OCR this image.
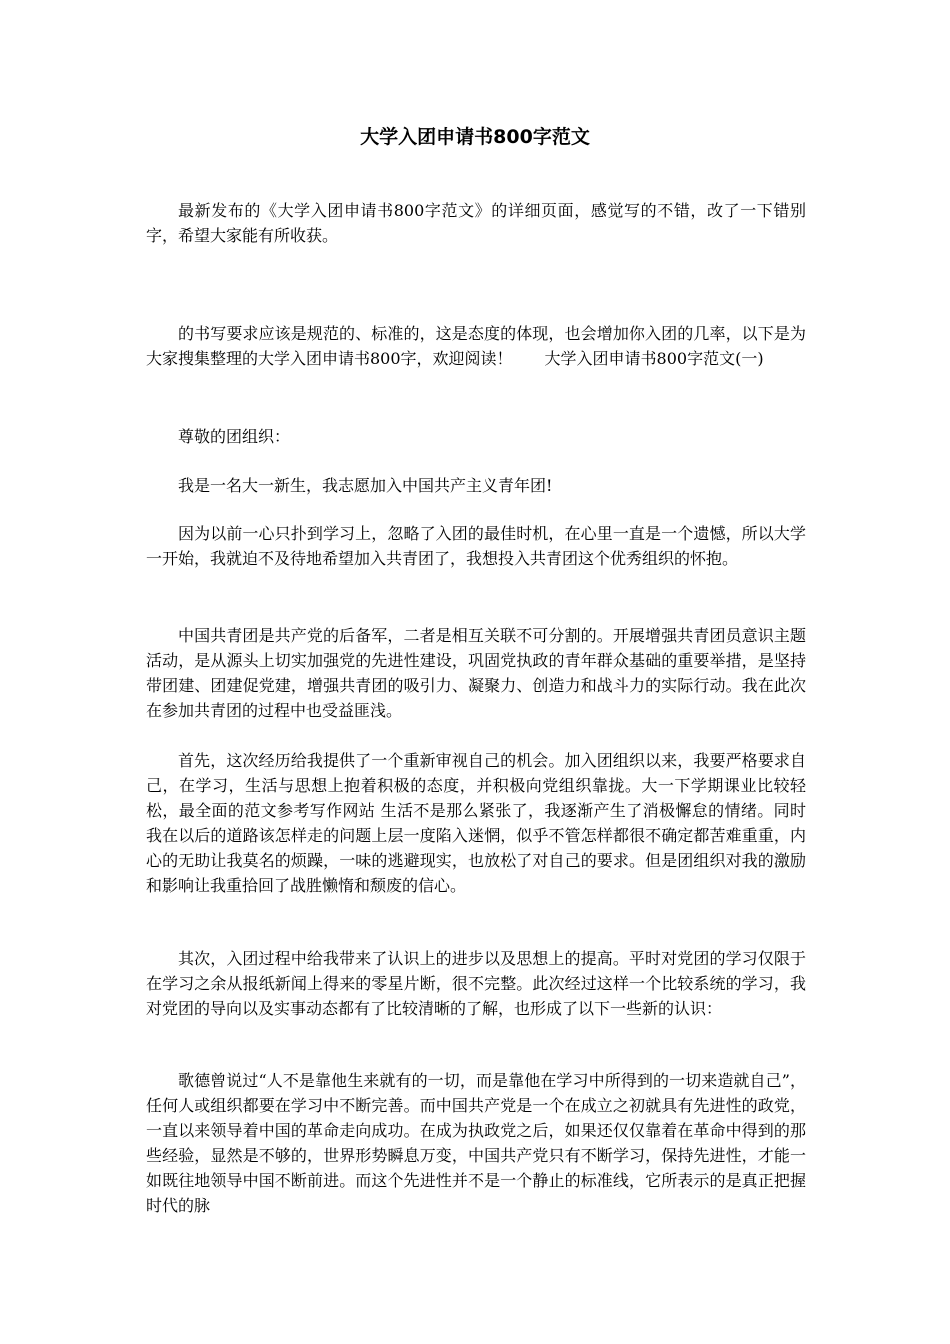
大学入团申请书800字范文

最新发布的《大学入团申请书800字范文》的详细页面，感觉写的不错，改了一下错别字，希望大家能有所收获。

的书写要求应该是规范的、标准的，这是态度的体现，也会增加你入团的几率，以下是为大家搜集整理的大学入团申请书800字，欢迎阅读！　　大学入团申请书800字范文(一)

尊敬的团组织：

我是一名大一新生，我志愿加入中国共产主义青年团!

因为以前一心只扑到学习上，忽略了入团的最佳时机，在心里一直是一个遗憾，所以大学一开始，我就迫不及待地希望加入共青团了，我想投入共青团这个优秀组织的怀抱。

中国共青团是共产党的后备军，二者是相互关联不可分割的。开展增强共青团员意识主题活动，是从源头上切实加强党的先进性建设，巩固党执政的青年群众基础的重要举措，是坚持带团建、团建促党建，增强共青团的吸引力、凝聚力、创造力和战斗力的实际行动。我在此次在参加共青团的过程中也受益匪浅。

首先，这次经历给我提供了一个重新审视自己的机会。加入团组织以来，我要严格要求自己，在学习，生活与思想上抱着积极的态度，并积极向党组织靠拢。大一下学期课业比较轻松，最全面的范文参考写作网站 生活不是那么紧张了，我逐渐产生了消极懈怠的情绪。同时我在以后的道路该怎样走的问题上层一度陷入迷惘，似乎不管怎样都很不确定都苦难重重，内心的无助让我莫名的烦躁，一味的逃避现实，也放松了对自己的要求。但是团组织对我的激励和影响让我重拾回了战胜懒惰和颓废的信心。

其次，入团过程中给我带来了认识上的进步以及思想上的提高。平时对党团的学习仅限于在学习之余从报纸新闻上得来的零星片断，很不完整。此次经过这样一个比较系统的学习，我对党团的导向以及实事动态都有了比较清晰的了解，也形成了以下一些新的认识：

歌德曾说过“人不是靠他生来就有的一切，而是靠他在学习中所得到的一切来造就自己”，任何人或组织都要在学习中不断完善。而中国共产党是一个在成立之初就具有先进性的政党，一直以来领导着中国的革命走向成功。在成为执政党之后，如果还仅仅靠着在革命中得到的那些经验，显然是不够的，世界形势瞬息万变，中国共产党只有不断学习，保持先进性，才能一如既往地领导中国不断前进。而这个先进性并不是一个静止的标准线，它所表示的是真正把握时代的脉
